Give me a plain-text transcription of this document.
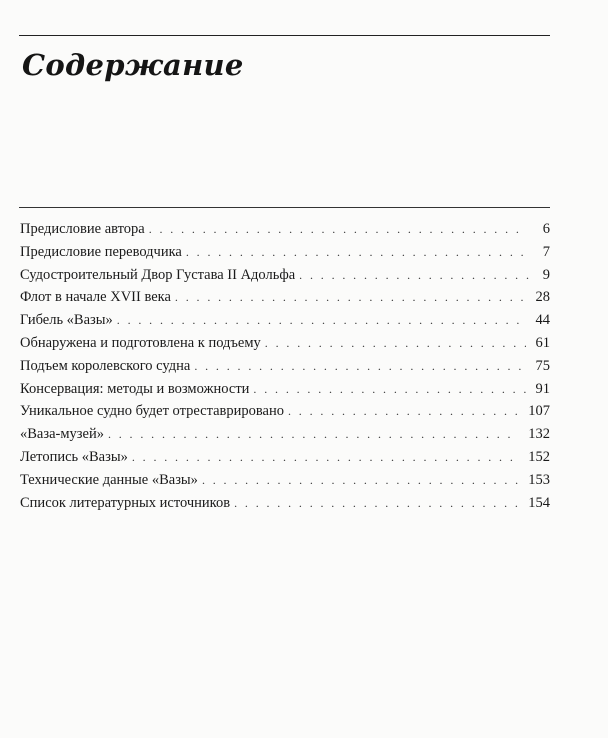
Содержание
Предисловие автора . . .	6
Предисловие переводчика . . .	7
Судостроительный Двор Густава II Адольфа . . .	9
Флот в начале XVII века . . .	28
Гибель «Вазы» . . .	44
Обнаружена и подготовлена к подъему . . .	61
Подъем королевского судна . . .	75
Консервация: методы и возможности . . .	91
Уникальное судно будет отреставрировано . . .	107
«Ваза-музей» . . .	132
Летопись «Вазы» . . .	152
Технические данные «Вазы» . . .	153
Список литературных источников . . .	154
